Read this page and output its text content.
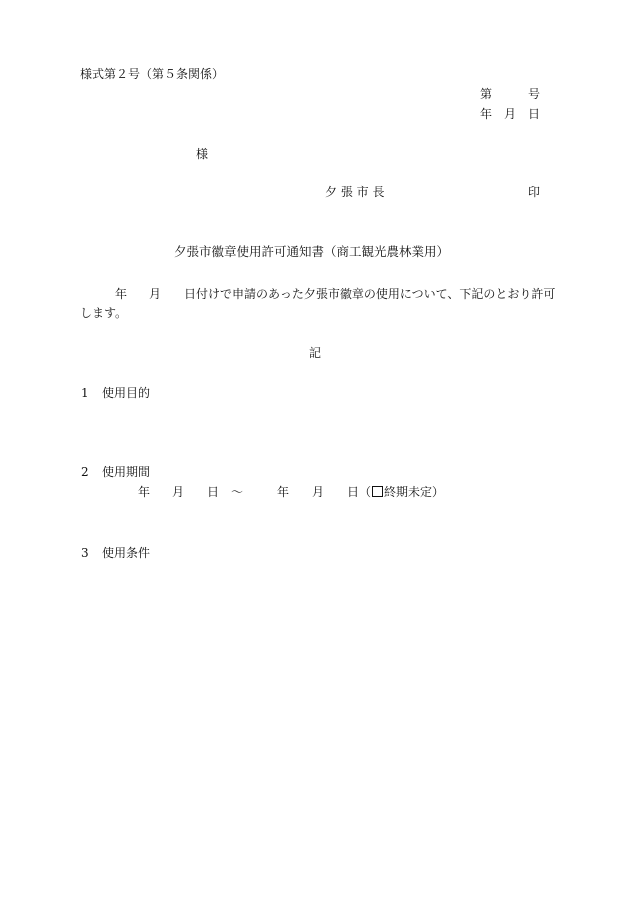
様式第２号（第５条関係）
第　　　号
年　月　日
様
夕 張 市 長	印
夕張市徽章使用許可通知書（商工観光農林業用）
年 月 日付けで申請のあった夕張市徽章の使用について、下記のとおり許可
します。
記
1 使用目的
2 使用期間
年 月 日 ～	年 月 日（ 終期未定）
3 使用条件
